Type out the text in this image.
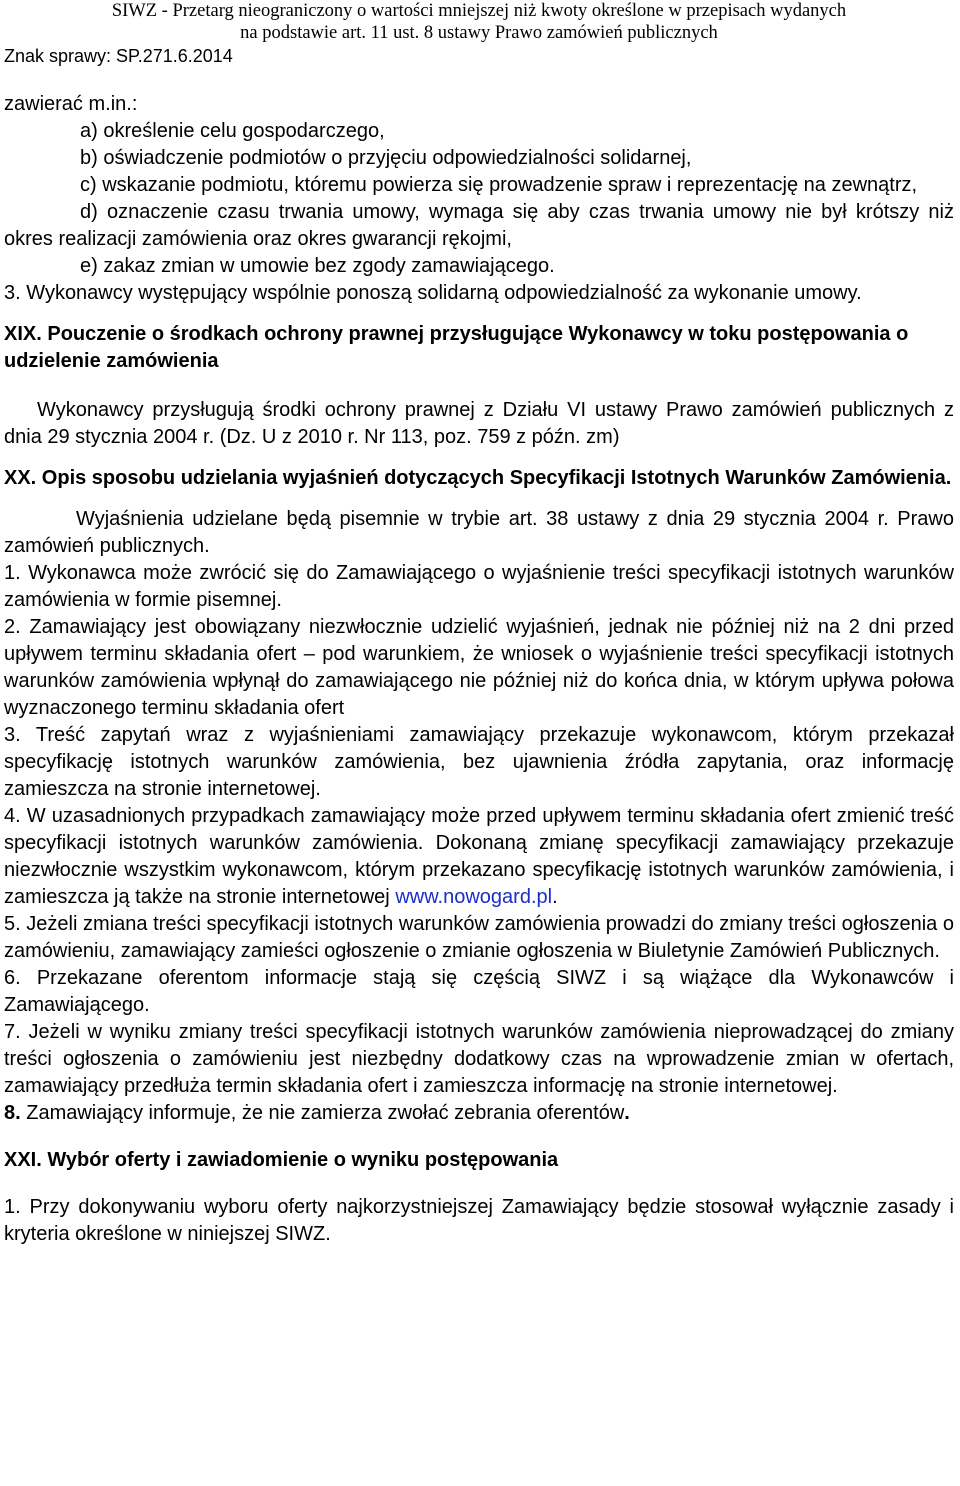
SIWZ - Przetarg nieograniczony o wartości mniejszej niż kwoty określone w przepisach wydanych
na podstawie art. 11 ust. 8 ustawy Prawo zamówień publicznych
Znak sprawy: SP.271.6.2014

zawierać m.in.:

a) określenie celu gospodarczego,

b) oświadczenie podmiotów o przyjęciu odpowiedzialności solidarnej,

c) wskazanie podmiotu, któremu powierza się prowadzenie spraw i reprezentację na zewnątrz,

d) oznaczenie czasu trwania umowy, wymaga się aby czas trwania umowy nie był krótszy niż okres realizacji zamówienia oraz okres gwarancji rękojmi,

e) zakaz zmian w umowie bez zgody zamawiającego.

3. Wykonawcy występujący wspólnie ponoszą solidarną odpowiedzialność za wykonanie umowy.

XIX. Pouczenie o środkach ochrony prawnej przysługujące Wykonawcy w toku postępowania o udzielenie zamówienia

Wykonawcy przysługują środki ochrony prawnej z Działu VI ustawy Prawo zamówień publicznych z dnia 29 stycznia 2004 r. (Dz. U z 2010 r. Nr 113, poz. 759 z późn. zm)

XX. Opis sposobu udzielania wyjaśnień dotyczących Specyfikacji Istotnych Warunków Zamówienia.

Wyjaśnienia udzielane będą pisemnie w trybie art. 38 ustawy z dnia 29 stycznia 2004 r. Prawo zamówień publicznych.

1. Wykonawca może zwrócić się do Zamawiającego o wyjaśnienie treści specyfikacji istotnych warunków zamówienia w formie pisemnej.

2. Zamawiający jest obowiązany niezwłocznie udzielić wyjaśnień, jednak nie później niż na 2 dni przed upływem terminu składania ofert – pod warunkiem, że wniosek o wyjaśnienie treści specyfikacji istotnych warunków zamówienia wpłynął do zamawiającego nie później niż do końca dnia, w którym upływa połowa wyznaczonego terminu składania ofert

3. Treść zapytań wraz z wyjaśnieniami zamawiający przekazuje wykonawcom, którym przekazał specyfikację istotnych warunków zamówienia, bez ujawnienia źródła zapytania, oraz informację zamieszcza na stronie internetowej.

4. W uzasadnionych przypadkach zamawiający może przed upływem terminu składania ofert zmienić treść specyfikacji istotnych warunków zamówienia. Dokonaną zmianę specyfikacji zamawiający przekazuje niezwłocznie wszystkim wykonawcom, którym przekazano specyfikację istotnych warunków zamówienia, i zamieszcza ją także na stronie internetowej www.nowogard.pl.

5. Jeżeli zmiana treści specyfikacji istotnych warunków zamówienia prowadzi do zmiany treści ogłoszenia o zamówieniu, zamawiający zamieści ogłoszenie o zmianie ogłoszenia w Biuletynie Zamówień Publicznych.

6. Przekazane oferentom informacje stają się częścią SIWZ i są wiążące dla Wykonawców i Zamawiającego.

7. Jeżeli w wyniku zmiany treści specyfikacji istotnych warunków zamówienia nieprowadzącej do zmiany treści ogłoszenia o zamówieniu jest niezbędny dodatkowy czas na wprowadzenie zmian w ofertach, zamawiający przedłuża termin składania ofert i zamieszcza informację na stronie internetowej.

8. Zamawiający informuje, że nie zamierza zwołać zebrania oferentów.

XXI. Wybór oferty i zawiadomienie o wyniku postępowania

1. Przy dokonywaniu wyboru oferty najkorzystniejszej Zamawiający będzie stosował wyłącznie zasady i kryteria określone w niniejszej SIWZ.
